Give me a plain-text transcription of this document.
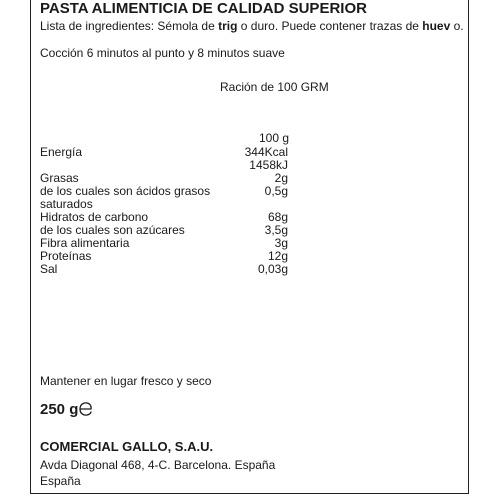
PASTA ALIMENTICIA DE CALIDAD SUPERIOR
Lista de ingredientes: Sémola de trig o duro. Puede contener trazas de huev o.
Cocción 6 minutos al punto y 8 minutos suave
Ración de 100 GRM
100 g
Energía	344Kcal
1458kJ
Grasas	2g
de los cuales son ácidos grasos	0,5g
saturados
Hidratos de carbono	68g
de los cuales son azúcares	3,5g
Fibra alimentaria	3g
Proteínas	12g
Sal	0,03g
Mantener en lugar fresco y seco
250 g
COMERCIAL GALLO, S.A.U.
Avda Diagonal 468, 4-C. Barcelona. España
España
